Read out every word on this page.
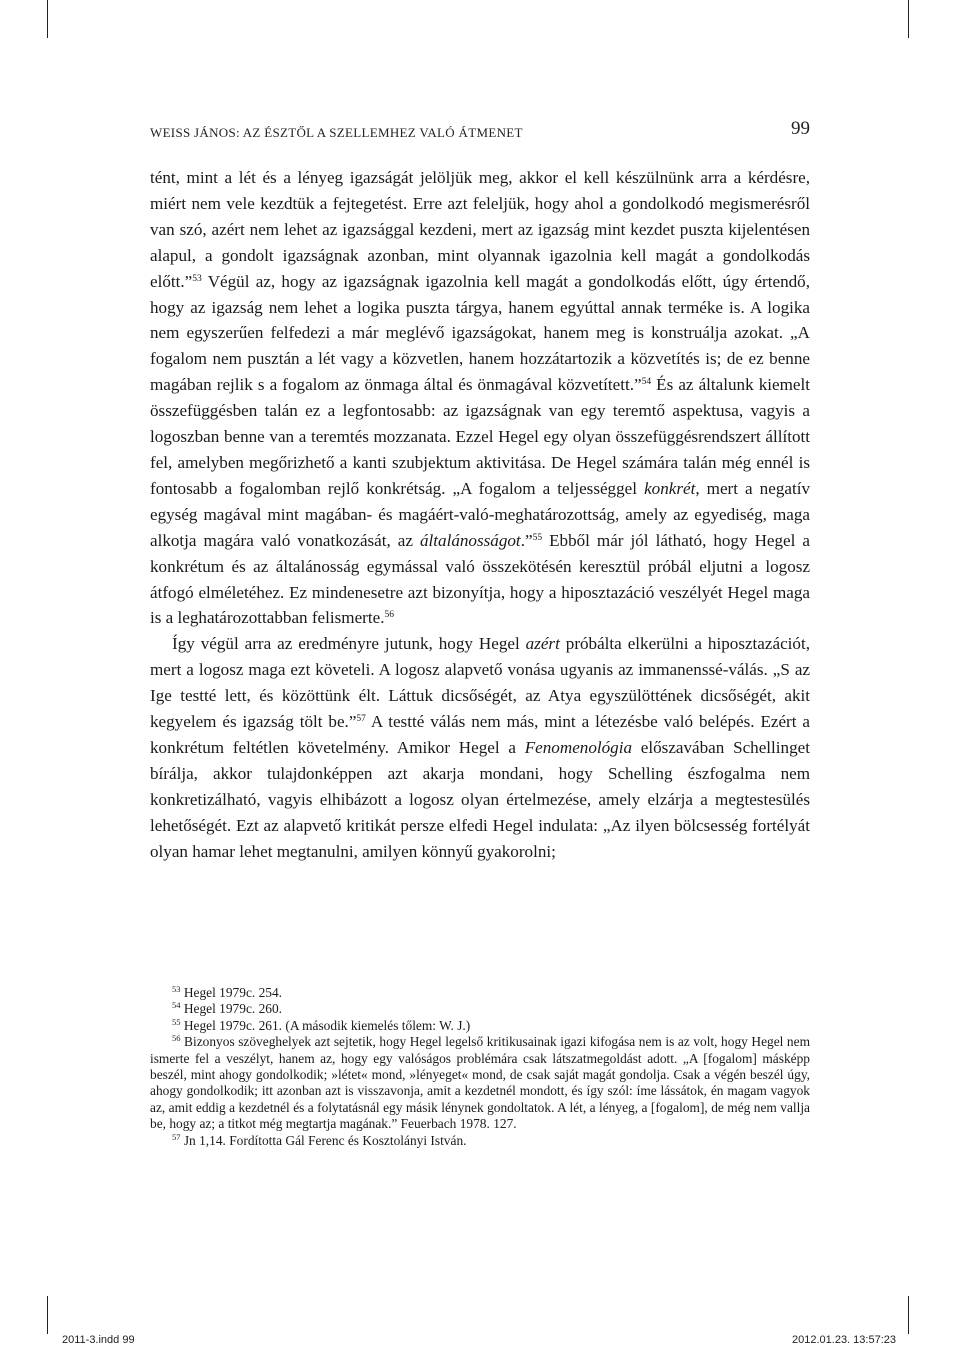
WEISS JÁNOS: AZ ÉSZTŐL A SZELLEMHEZ VALÓ ÁTMENET	99

tént, mint a lét és a lényeg igazságát jelöljük meg, akkor el kell készülnünk arra a kérdésre, miért nem vele kezdtük a fejtegetést. Erre azt feleljük, hogy ahol a gondolkodó megismerésről van szó, azért nem lehet az igazsággal kezdeni, mert az igazság mint kezdet puszta kijelentésen alapul, a gondolt igazságnak azonban, mint olyannak igazolnia kell magát a gondolkodás előtt.”$^{53}$ Végül az, hogy az igazságnak igazolnia kell magát a gondolkodás előtt, úgy értendő, hogy az igazság nem lehet a logika puszta tárgya, hanem egyúttal annak terméke is. A logika nem egyszerűen felfedezi a már meglévő igazságokat, hanem meg is konstruálja azokat. „A fogalom nem pusztán a lét vagy a közvetlen, hanem hozzátartozik a közvetítés is; de ez benne magában rejlik s a fogalom az önmaga által és önmagával közvetített.”$^{54}$ És az általunk kiemelt összefüggésben talán ez a legfontosabb: az igazságnak van egy teremtő aspektusa, vagyis a logoszban benne van a teremtés mozzanata. Ezzel Hegel egy olyan összefüggésrendszert állított fel, amelyben megőrizhető a kanti szubjektum aktivitása. De Hegel számára talán még ennél is fontosabb a fogalomban rejlő konkrétság. „A fogalom a teljességgel konkrét, mert a negatív egység magával mint magában- és magáért-való-meghatározottság, amely az egyediség, maga alkotja magára való vonatkozását, az általánosságot.”$^{55}$ Ebből már jól látható, hogy Hegel a konkrétum és az általánosság egymással való összekötésén keresztül próbál eljutni a logosz átfogó elméletéhez. Ez mindenesetre azt bizonyítja, hogy a hiposztazáció veszélyét Hegel maga is a leghatározottabban felismerte.$^{56}$

Így végül arra az eredményre jutunk, hogy Hegel azért próbálta elkerülni a hiposztazációt, mert a logosz maga ezt követeli. A logosz alapvető vonása ugyanis az immanenssé-válás. „S az Ige testté lett, és közöttünk élt. Láttuk dicsőségét, az Atya egyszülöttének dicsőségét, akit kegyelem és igazság tölt be.”$^{57}$ A testté válás nem más, mint a létezésbe való belépés. Ezért a konkrétum feltétlen követelmény. Amikor Hegel a Fenomenológia előszavában Schellinget bírálja, akkor tulajdonképpen azt akarja mondani, hogy Schelling észfogalma nem konkretizálható, vagyis elhibázott a logosz olyan értelmezése, amely elzárja a megtestesülés lehetőségét. Ezt az alapvető kritikát persze elfedi Hegel indulata: „Az ilyen bölcsesség fortélyát olyan hamar lehet megtanulni, amilyen könnyű gyakorolni;

$^{53}$ Hegel 1979c. 254.

$^{54}$ Hegel 1979c. 260.

$^{55}$ Hegel 1979c. 261. (A második kiemelés tőlem: W. J.)

$^{56}$ Bizonyos szöveghelyek azt sejtetik, hogy Hegel legelső kritikusainak igazi kifogása nem is az volt, hogy Hegel nem ismerte fel a veszélyt, hanem az, hogy egy valóságos problémára csak látszatmegoldást adott. „A [fogalom] másképp beszél, mint ahogy gondolkodik; »létet« mond, »lényeget« mond, de csak saját magát gondolja. Csak a végén beszél úgy, ahogy gondolkodik; itt azonban azt is visszavonja, amit a kezdetnél mondott, és így szól: íme lássátok, én magam vagyok az, amit eddig a kezdetnél és a folytatásnál egy másik lénynek gondoltatok. A lét, a lényeg, a [fogalom], de még nem vallja be, hogy az; a titkot még megtartja magának.” Feuerbach 1978. 127.

$^{57}$ Jn 1,14. Fordította Gál Ferenc és Kosztolányi István.

2011-3.indd 99	2012.01.23. 13:57:23
